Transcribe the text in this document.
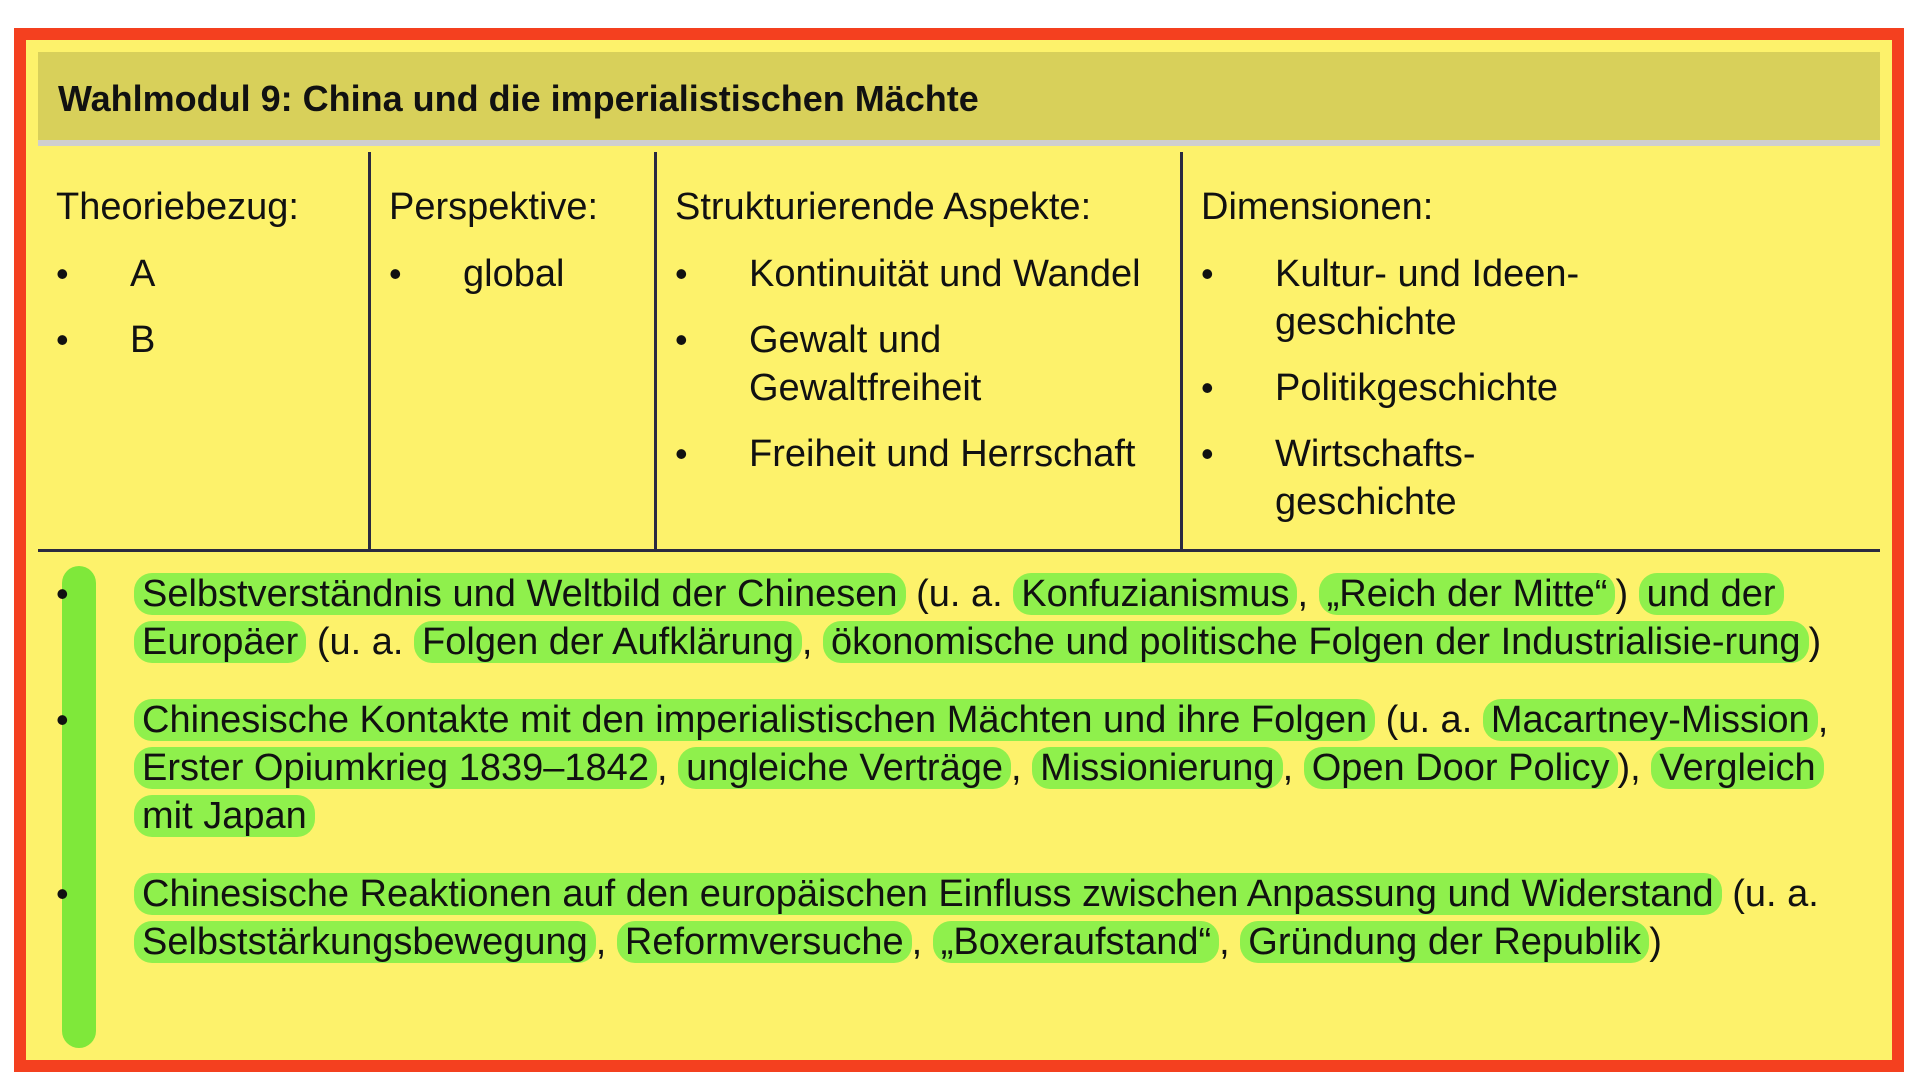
Wahlmodul 9: China und die imperialistischen Mächte
Theoriebezug:
• A
• B
Perspektive:
• global
Strukturierende Aspekte:
• Kontinuität und Wandel
• Gewalt und Gewaltfreiheit
• Freiheit und Herrschaft
Dimensionen:
• Kultur- und Ideen-
geschichte
• Politikgeschichte
• Wirtschafts-
geschichte
• Selbstverständnis und Weltbild der Chinesen (u. a. Konfuzianismus , „Reich der Mitte“ ) und der Europäer (u. a. Folgen der Aufklärung , ökonomische und politische Folgen der Industrialisie-rung )
• Chinesische Kontakte mit den imperialistischen Mächten und ihre Folgen (u. a. Macartney-Mission , Erster Opiumkrieg 1839–1842 , ungleiche Verträge , Missionierung , Open Door Policy ), Vergleich mit Japan
• Chinesische Reaktionen auf den europäischen Einfluss zwischen Anpassung und Widerstand (u. a. Selbststärkungsbewegung , Reformversuche , „Boxeraufstand“ , Gründung der Republik )
